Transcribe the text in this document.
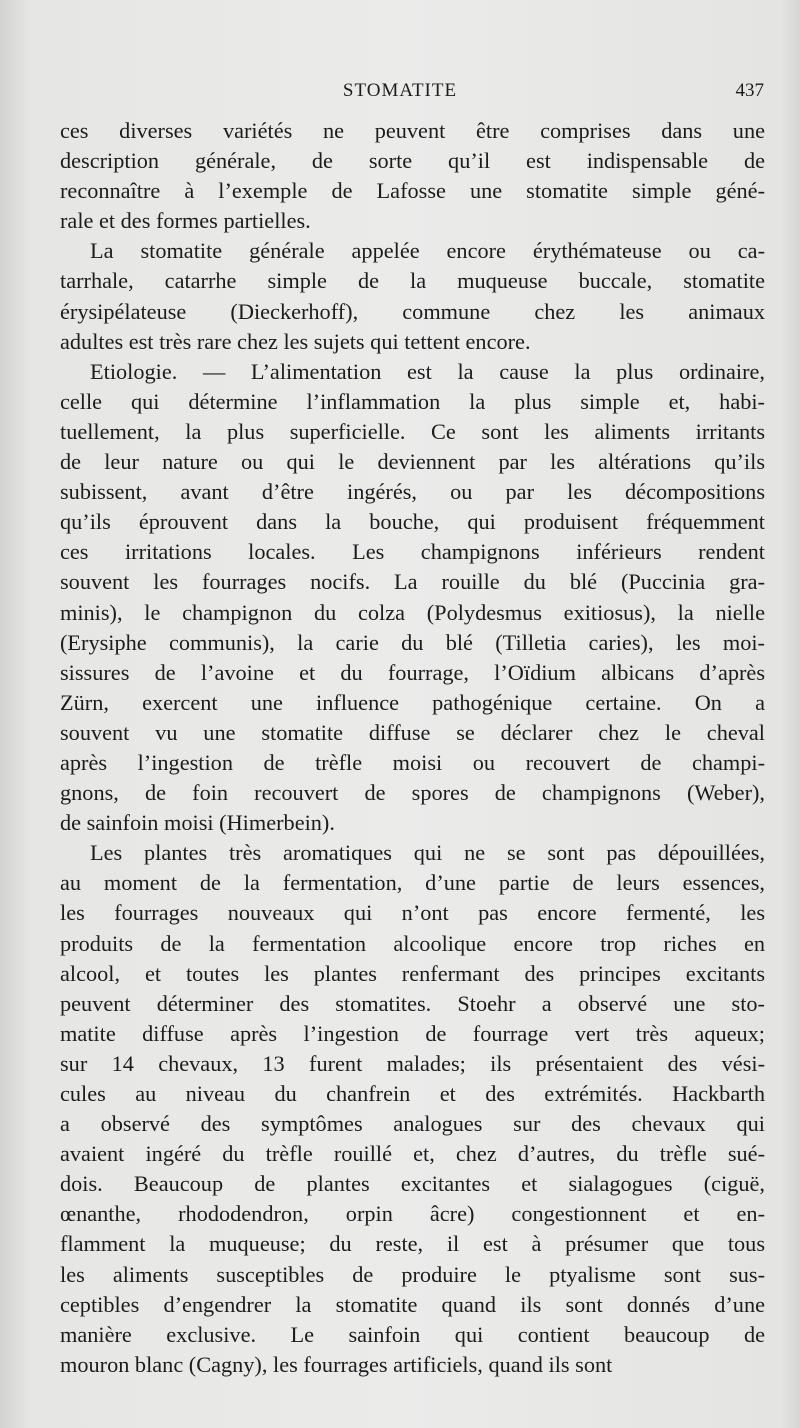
STOMATITE	437
ces diverses variétés ne peuvent être comprises dans une
description générale, de sorte qu’il est indispensable de
reconnaître à l’exemple de Lafosse une stomatite simple géné-
rale et des formes partielles.
La stomatite générale appelée encore érythémateuse ou ca-
tarrhale, catarrhe simple de la muqueuse buccale, stomatite
érysipélateuse (Dieckerhoff), commune chez les animaux
adultes est très rare chez les sujets qui tettent encore.
Etiologie. — L’alimentation est la cause la plus ordinaire,
celle qui détermine l’inflammation la plus simple et, habi-
tuellement, la plus superficielle. Ce sont les aliments irritants
de leur nature ou qui le deviennent par les altérations qu’ils
subissent, avant d’être ingérés, ou par les décompositions
qu’ils éprouvent dans la bouche, qui produisent fréquemment
ces irritations locales. Les champignons inférieurs rendent
souvent les fourrages nocifs. La rouille du blé (Puccinia gra-
minis), le champignon du colza (Polydesmus exitiosus), la nielle
(Erysiphe communis), la carie du blé (Tilletia caries), les moi-
sissures de l’avoine et du fourrage, l’Oïdium albicans d’après
Zürn, exercent une influence pathogénique certaine. On a
souvent vu une stomatite diffuse se déclarer chez le cheval
après l’ingestion de trèfle moisi ou recouvert de champi-
gnons, de foin recouvert de spores de champignons (Weber),
de sainfoin moisi (Himerbein).
Les plantes très aromatiques qui ne se sont pas dépouillées,
au moment de la fermentation, d’une partie de leurs essences,
les fourrages nouveaux qui n’ont pas encore fermenté, les
produits de la fermentation alcoolique encore trop riches en
alcool, et toutes les plantes renfermant des principes excitants
peuvent déterminer des stomatites. Stoehr a observé une sto-
matite diffuse après l’ingestion de fourrage vert très aqueux;
sur 14 chevaux, 13 furent malades; ils présentaient des vési-
cules au niveau du chanfrein et des extrémités. Hackbarth
a observé des symptômes analogues sur des chevaux qui
avaient ingéré du trèfle rouillé et, chez d’autres, du trèfle sué-
dois. Beaucoup de plantes excitantes et sialagogues (ciguë,
œnanthe, rhododendron, orpin âcre) congestionnent et en-
flamment la muqueuse; du reste, il est à présumer que tous
les aliments susceptibles de produire le ptyalisme sont sus-
ceptibles d’engendrer la stomatite quand ils sont donnés d’une
manière exclusive. Le sainfoin qui contient beaucoup de
mouron blanc (Cagny), les fourrages artificiels, quand ils sont
